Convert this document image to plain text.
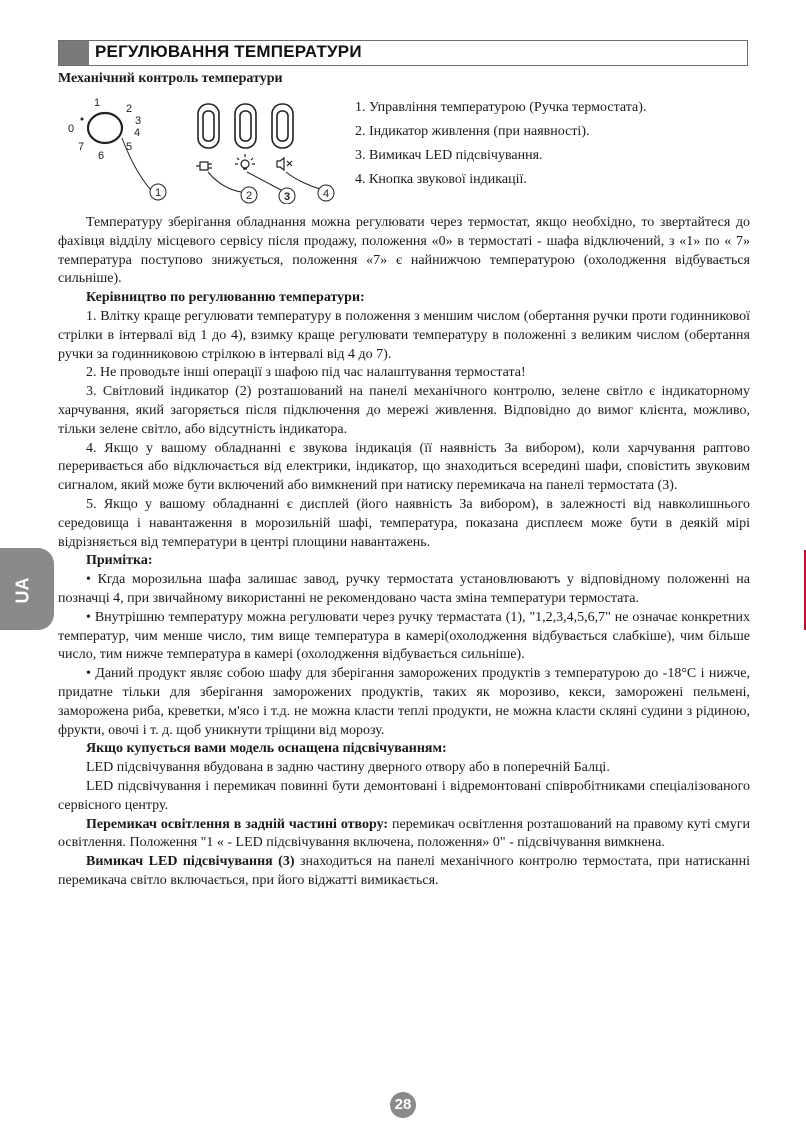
РЕГУЛЮВАННЯ ТЕМПЕРАТУРИ
Механічний контроль температури
1 2
3
4
5
6
7
0
1	2	3	4
1. Управління температурою (Ручка термостата).
2. Індикатор живлення (при наявності).
3. Вимикач LED підсвічування.
4. Кнопка звукової індикації.

Температуру зберігання обладнання можна регулювати через термостат, якщо необхідно, то звертайтеся до фахівця відділу місцевого сервісу після продажу, положення «0» в термостаті - шафа відключений, з «1» по « 7» температура поступово знижується, положення «7» є найнижчою температурою (охолодження відбувається сильніше).

Керівництво по регулюванню температури:

1. Влітку краще регулювати температуру в положення з меншим числом (обертання ручки проти годинникової стрілки в інтервалі від 1 до 4), взимку краще регулювати температуру в положенні з великим числом (обертання ручки за годинниковою стрілкою в інтервалі від 4 до 7).

2. Не проводьте інші операції з шафою під час налаштування термостата!

3. Світловий індикатор (2) розташований на панелі механічного контролю, зелене світло є індикаторному харчування, який загоряється після підключення до мережі живлення. Відповідно до вимог клієнта, можливо, тільки зелене світло, або відсутність індикатора.

4. Якщо у вашому обладнанні є звукова індикація (її наявність За вибором), коли харчування раптово переривається або відключається від електрики, індикатор, що знаходиться всередині шафи, сповістить звуковим сигналом, який може бути включений або вимкнений при натиску перемикача на панелі термостата (3).

5. Якщо у вашому обладнанні є дисплей (його наявність За вибором), в залежності від навколишнього середовища і навантаження в морозильній шафі, температура, показана дисплеєм може бути в деякій мірі відрізняється від температури в центрі площини навантажень.

Примітка:

• Кгда морозильна шафа залишає завод, ручку термостата установлюваютъ у відповідному положенні на позначці 4, при звичайному використанні не рекомендовано часта зміна температури термостата.

• Внутрішню температуру можна регулювати через ручку термастата (1), "1,2,3,4,5,6,7" не означає конкретних температур, чим менше число, тим вище температура в камері(охолодження відбувається слабкіше), чим більше число, тим нижче температура в камері (охолодження відбувається сильніше).

• Даний продукт являє собою шафу для зберігання заморожених продуктів з температурою до -18°С і нижче, придатне тільки для зберігання заморожених продуктів, таких як морозиво, кекси, заморожені пельмені, заморожена риба, креветки, м'ясо і т.д. не можна класти теплі продукти, не можна класти скляні судини з рідиною, фрукти, овочі і т. д. щоб уникнути тріщини від морозу.

Якщо купується вами модель оснащена підсвічуванням:

LED підсвічування вбудована в задню частину дверного отвору або в поперечній Балці.

LED підсвічування і перемикач повинні бути демонтовані і відремонтовані співробітниками спеціалізованого сервісного центру.

Перемикач освітлення в задній частині отвору: перемикач освітлення розташований на правому куті смуги освітлення. Положення "1 « - LED підсвічування включена, положення» 0" - підсвічування вимкнена.

Вимикач LED підсвічування (3) знаходиться на панелі механічного контролю термостата, при натисканні перемикача світло включається, при його віджатті вимикається.

UA
28
